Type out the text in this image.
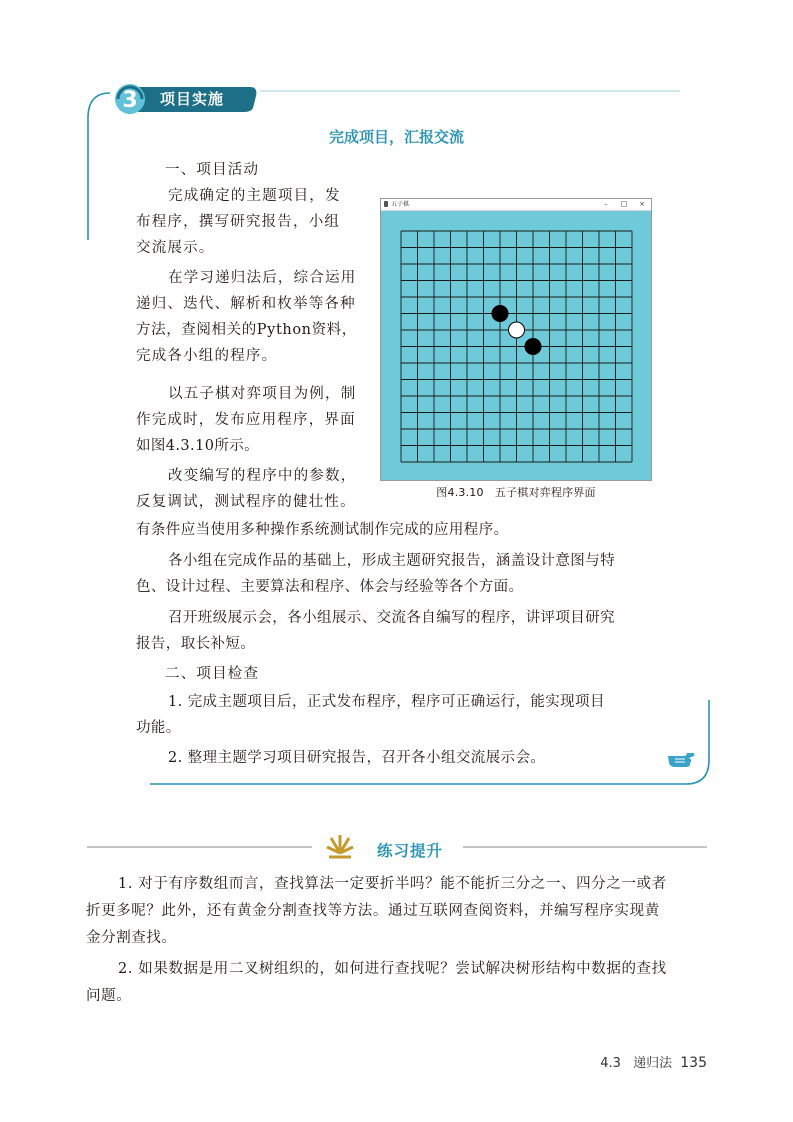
3 项目实施
完成项目，汇报交流
一、项目活动
完成确定的主题项目，发
布程序，撰写研究报告，小组
交流展示。
在学习递归法后，综合运用
递归、迭代、解析和枚举等各种
方法，查阅相关的Python资料，
完成各小组的程序。
以五子棋对弈项目为例，制
作完成时，发布应用程序，界面
如图4.3.10所示。
改变编写的程序中的参数，
反复调试，测试程序的健壮性。
五子棋	–	□ ×
图4.3.10　五子棋对弈程序界面
有条件应当使用多种操作系统测试制作完成的应用程序。
各小组在完成作品的基础上，形成主题研究报告，涵盖设计意图与特
色、设计过程、主要算法和程序、体会与经验等各个方面。
召开班级展示会，各小组展示、交流各自编写的程序，讲评项目研究
报告，取长补短。
二、项目检查
1. 完成主题项目后，正式发布程序，程序可正确运行，能实现项目
功能。
2. 整理主题学习项目研究报告，召开各小组交流展示会。
练习提升
1. 对于有序数组而言，查找算法一定要折半吗？能不能折三分之一、四分之一或者
折更多呢？此外，还有黄金分割查找等方法。通过互联网查阅资料，并编写程序实现黄
金分割查找。
2. 如果数据是用二叉树组织的，如何进行查找呢？尝试解决树形结构中数据的查找
问题。
4.3 递归法 135
